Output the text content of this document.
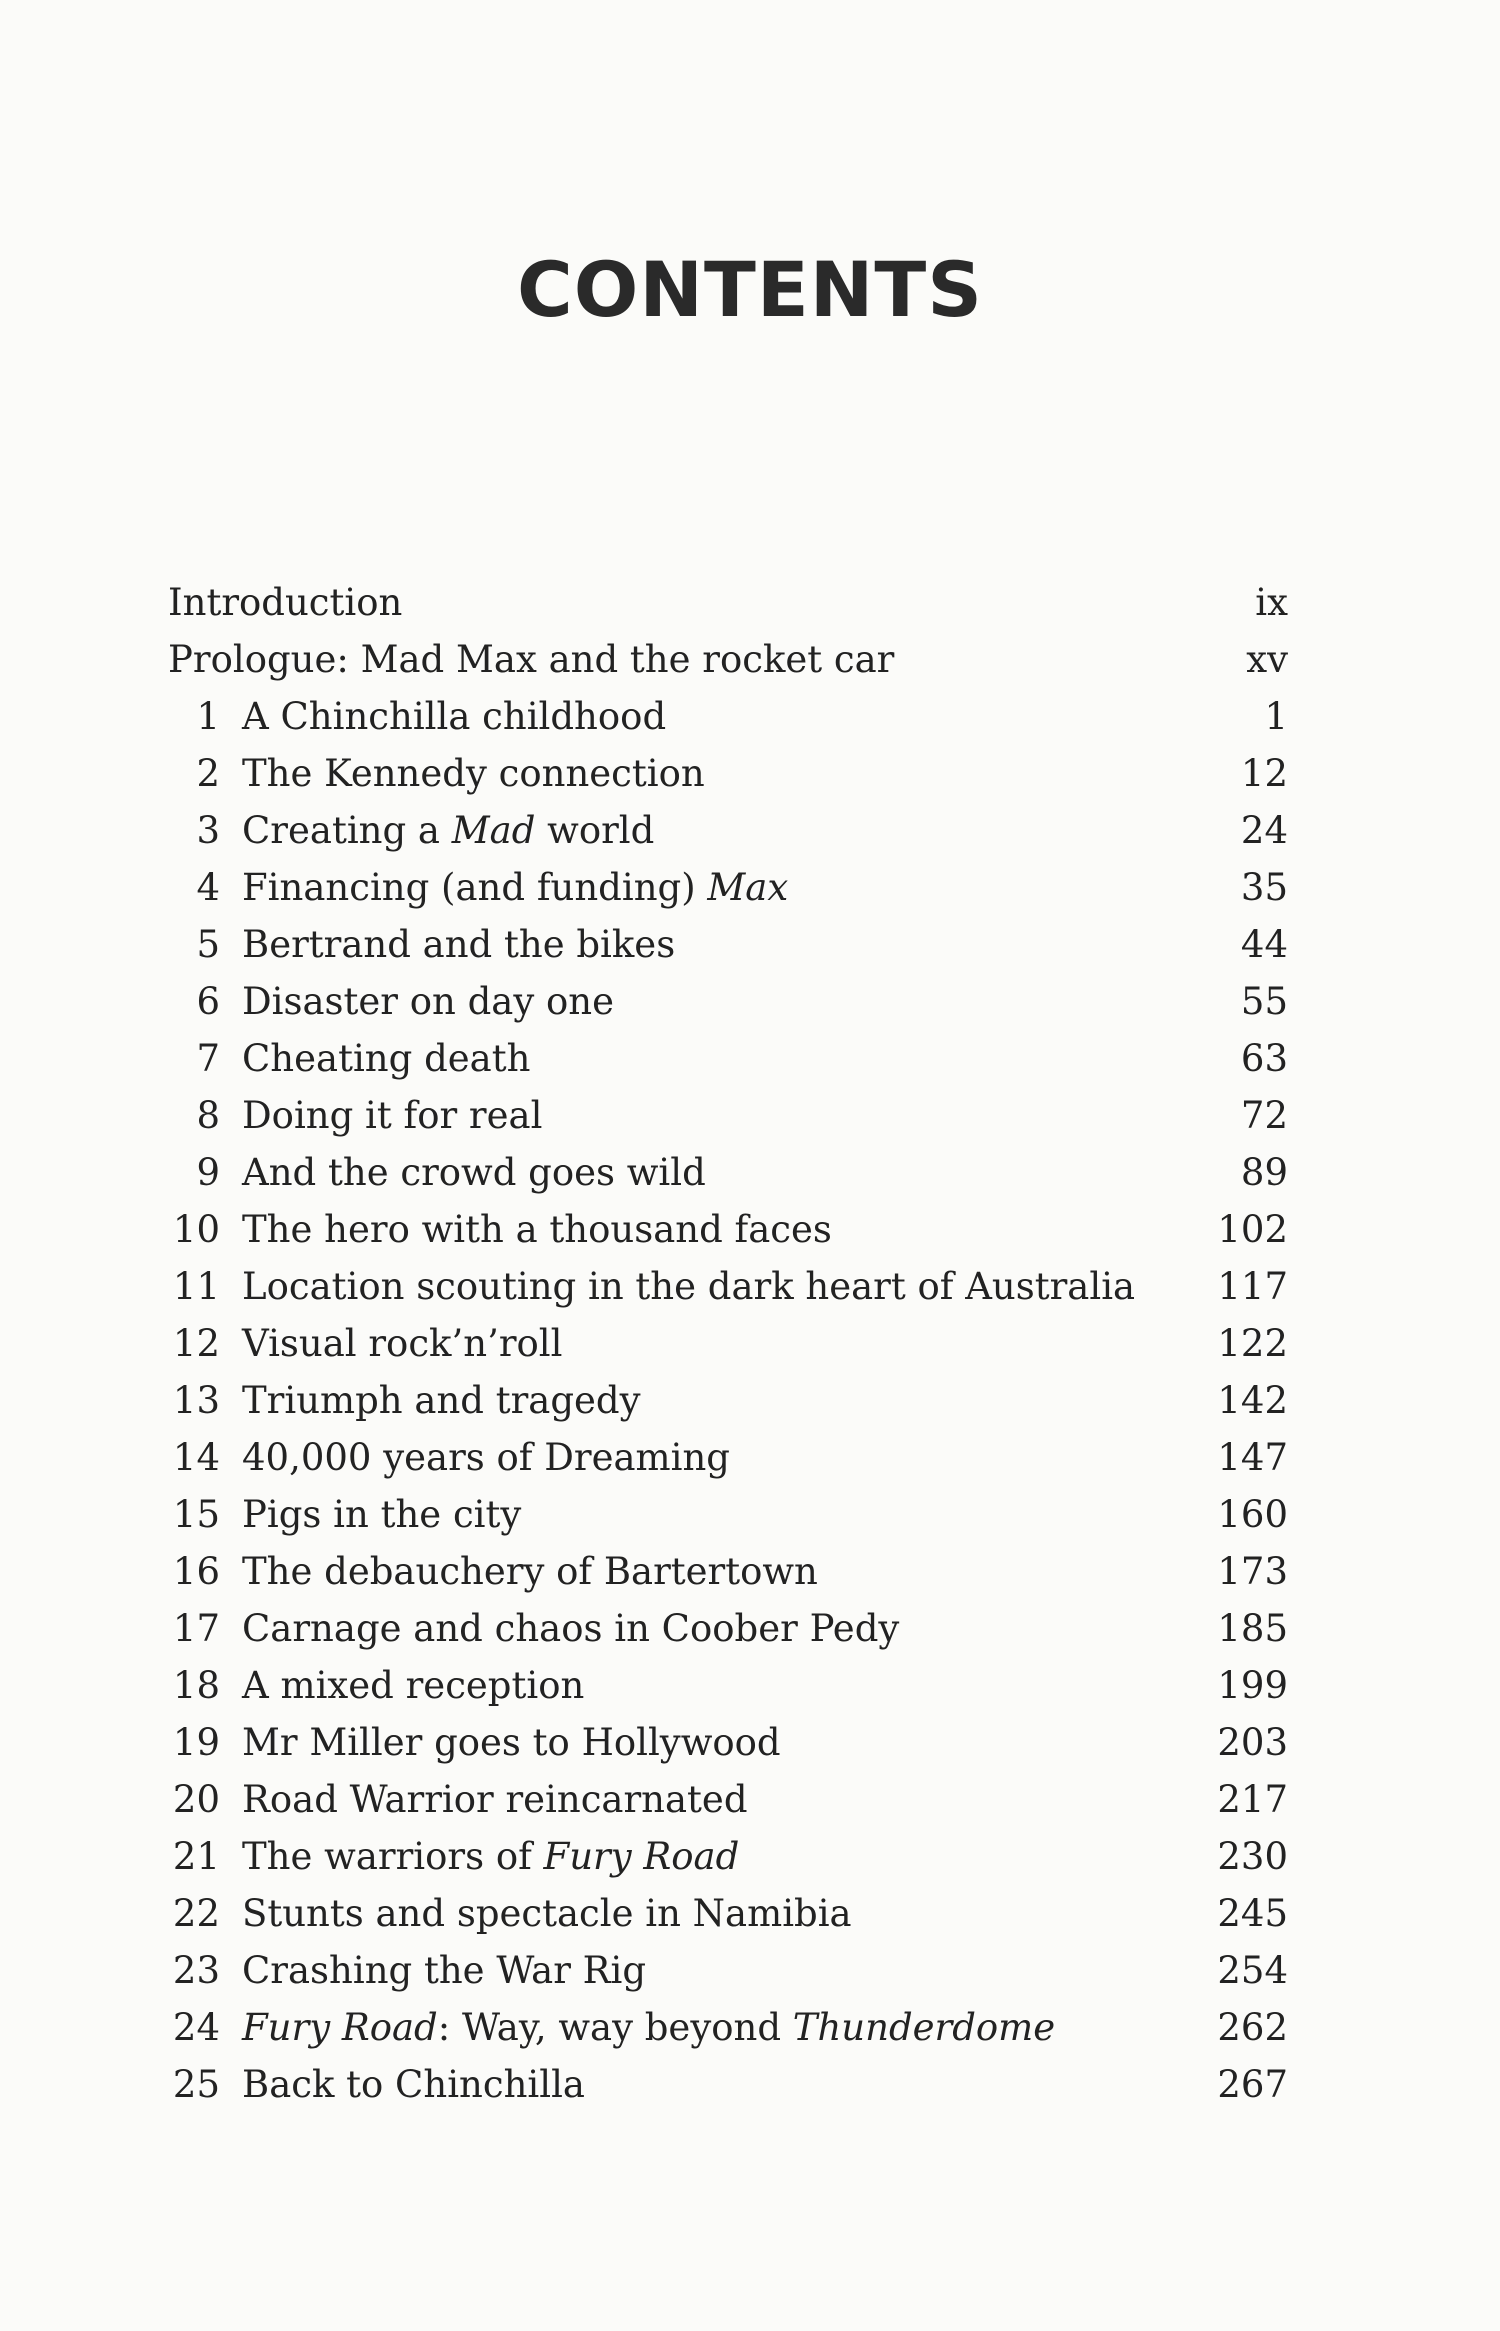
CONTENTS
Introduction	ix
Prologue: Mad Max and the rocket car	xv
1 A Chinchilla childhood	1
2 The Kennedy connection	12
3 Creating a Mad world	24
4 Financing (and funding) Max	35
5 Bertrand and the bikes	44
6 Disaster on day one	55
7 Cheating death	63
8 Doing it for real	72
9 And the crowd goes wild	89
10 The hero with a thousand faces	102
11 Location scouting in the dark heart of Australia	117
12 Visual rock’n’roll	122
13 Triumph and tragedy	142
14 40,000 years of Dreaming	147
15 Pigs in the city	160
16 The debauchery of Bartertown	173
17 Carnage and chaos in Coober Pedy	185
18 A mixed reception	199
19 Mr Miller goes to Hollywood	203
20 Road Warrior reincarnated	217
21 The warriors of Fury Road	230
22 Stunts and spectacle in Namibia	245
23 Crashing the War Rig	254
24 Fury Road: Way, way beyond Thunderdome	262
25 Back to Chinchilla	267
